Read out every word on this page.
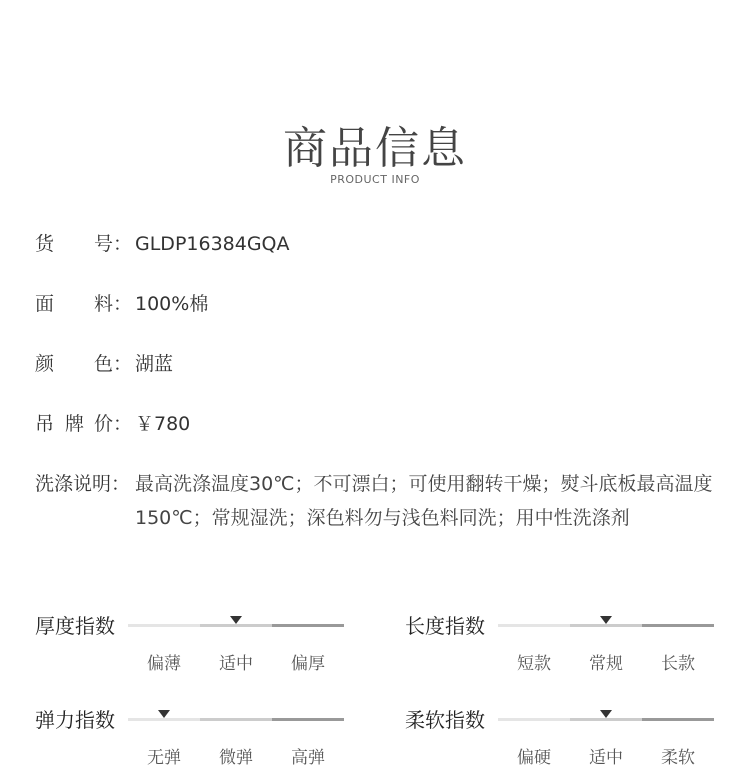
商品信息
PRODUCT INFO
货 号： GLDP16384GQA
面 料： 100%棉
颜 色： 湖蓝
吊 牌 价： ￥780
洗涤说明： 最高洗涤温度30℃；不可漂白；可使用翻转干燥；熨斗底板最高温度150℃；常规湿洗；深色料勿与浅色料同洗；用中性洗涤剂
厚度指数
偏薄	适中	偏厚
长度指数
短款	常规	长款
弹力指数
无弹	微弹	高弹
柔软指数
偏硬	适中	柔软
